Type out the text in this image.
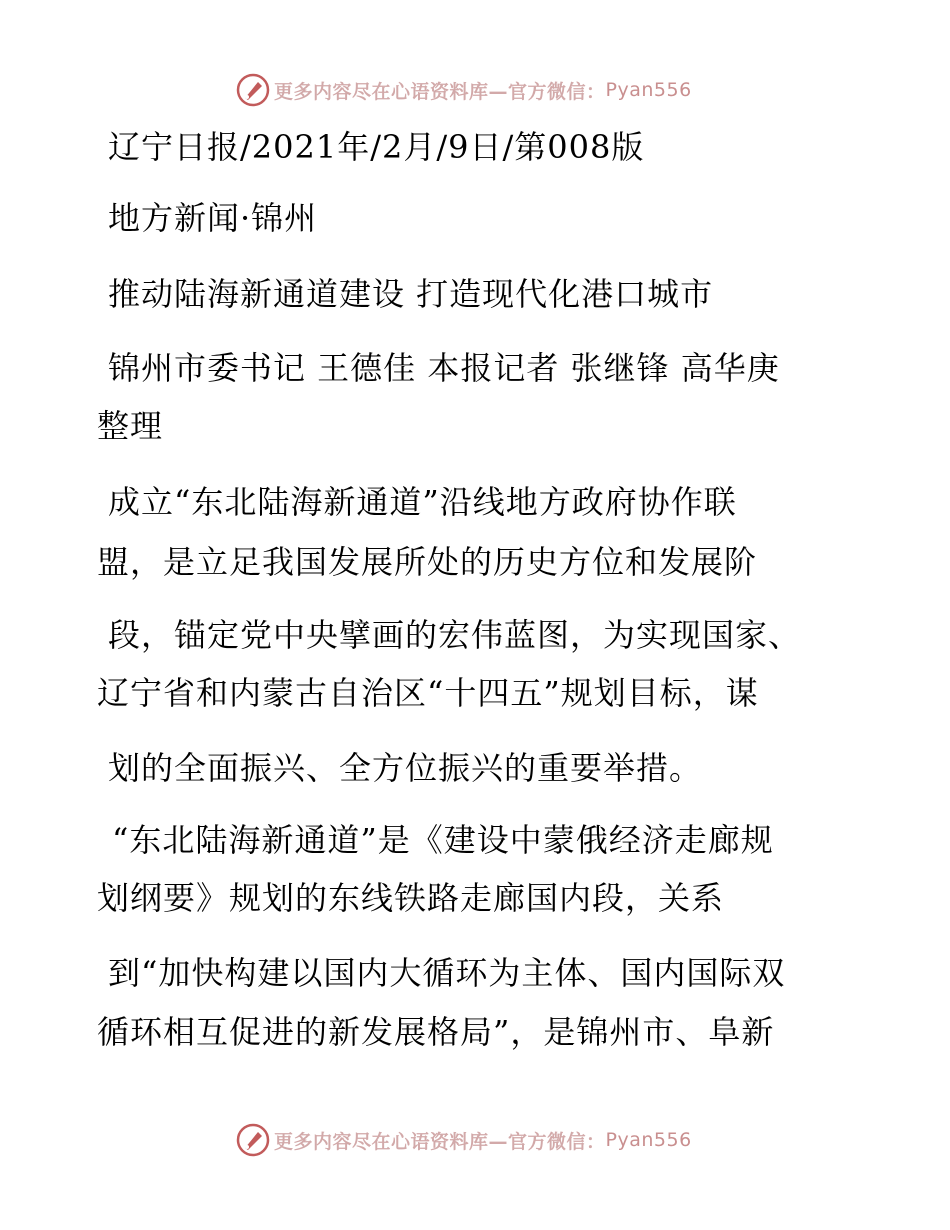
更多内容尽在心语资料库—官方微信： Pyan556
辽宁日报/2021年/2月/9日/第008版
地方新闻·锦州
推动陆海新通道建设 打造现代化港口城市
锦州市委书记 王德佳 本报记者 张继锋 高华庚
整理
成立“东北陆海新通道”沿线地方政府协作联
盟，是立足我国发展所处的历史方位和发展阶
段，锚定党中央擘画的宏伟蓝图，为实现国家、
辽宁省和内蒙古自治区“十四五”规划目标，谋
划的全面振兴、全方位振兴的重要举措。
“东北陆海新通道”是《建设中蒙俄经济走廊规
划纲要》规划的东线铁路走廊国内段，关系
到“加快构建以国内大循环为主体、国内国际双
循环相互促进的新发展格局”，是锦州市、阜新
更多内容尽在心语资料库—官方微信： Pyan556
